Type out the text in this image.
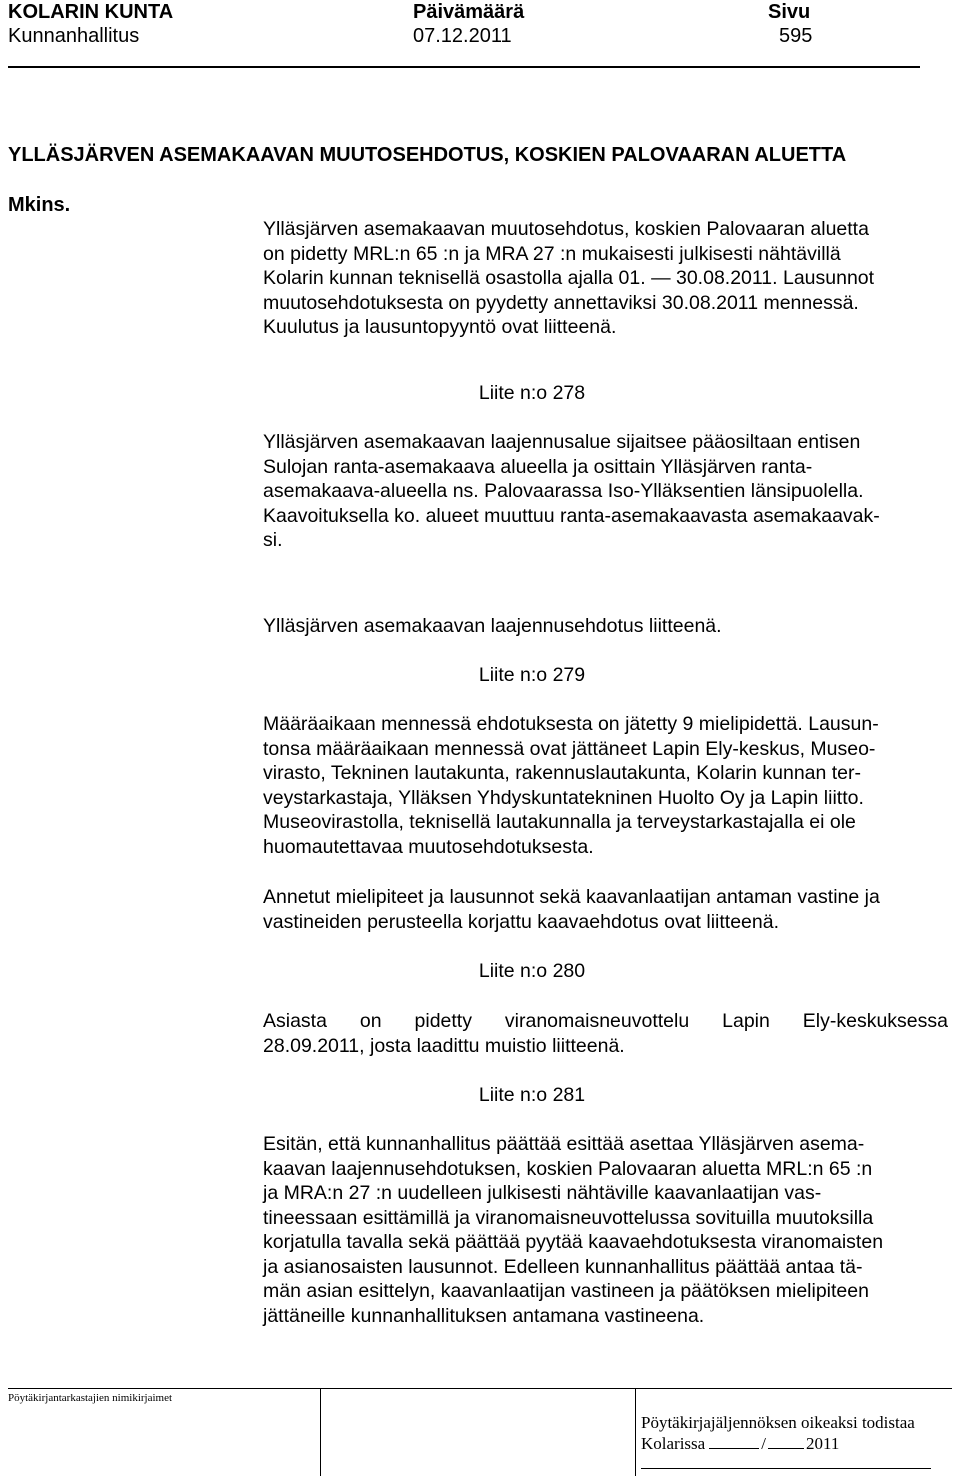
KOLARIN KUNTA
Kunnanhallitus
Päivämäärä
07.12.2011
Sivu
595
YLLÄSJÄRVEN ASEMAKAAVAN MUUTOSEHDOTUS, KOSKIEN PALOVAARAN ALUETTA
Mkins.
Ylläsjärven asemakaavan muutosehdotus, koskien Palovaaran aluetta
on pidetty MRL:n 65 :n ja MRA 27 :n mukaisesti julkisesti nähtävillä
Kolarin kunnan teknisellä osastolla ajalla 01. — 30.08.2011. Lausunnot
muutosehdotuksesta on pyydetty annettaviksi 30.08.2011 mennessä.
Kuulutus ja lausuntopyyntö ovat liitteenä.
Liite n:o 278
Ylläsjärven asemakaavan laajennusalue sijaitsee pääosiltaan entisen
Sulojan ranta-asemakaava alueella ja osittain Ylläsjärven ranta-
asemakaava-alueella ns. Palovaarassa Iso-Ylläksentien länsipuolella.
Kaavoituksella ko. alueet muuttuu ranta-asemakaavasta asemakaavak-
si.
Ylläsjärven asemakaavan laajennusehdotus liitteenä.
Liite n:o 279
Määräaikaan mennessä ehdotuksesta on jätetty 9 mielipidettä. Lausun-
tonsa määräaikaan mennessä ovat jättäneet Lapin Ely-keskus, Museo-
virasto, Tekninen lautakunta, rakennuslautakunta, Kolarin kunnan ter-
veystarkastaja, Ylläksen Yhdyskuntatekninen Huolto Oy ja Lapin liitto.
Museovirastolla, teknisellä lautakunnalla ja terveystarkastajalla ei ole
huomautettavaa muutosehdotuksesta.
Annetut mielipiteet ja lausunnot sekä kaavanlaatijan antaman vastine ja
vastineiden perusteella korjattu kaavaehdotus ovat liitteenä.
Liite n:o 280
Asiasta on pidetty viranomaisneuvottelu Lapin Ely-keskuksessa
28.09.2011, josta laadittu muistio liitteenä.
Liite n:o 281
Esitän, että kunnanhallitus päättää esittää asettaa Ylläsjärven asema-
kaavan laajennusehdotuksen, koskien Palovaaran aluetta MRL:n 65 :n
ja MRA:n 27 :n uudelleen julkisesti nähtäville kaavanlaatijan vas-
tineessaan esittämillä ja viranomaisneuvottelussa sovituilla muutoksilla
korjatulla tavalla sekä päättää pyytää kaavaehdotuksesta viranomaisten
ja asianosaisten lausunnot. Edelleen kunnanhallitus päättää antaa tä-
män asian esittelyn, kaavanlaatijan vastineen ja päätöksen mielipiteen
jättäneille kunnanhallituksen antamana vastineena.
Pöytäkirjantarkastajien nimikirjaimet
Pöytäkirjajäljennöksen oikeaksi todistaa
Kolarissa	/ 2011
